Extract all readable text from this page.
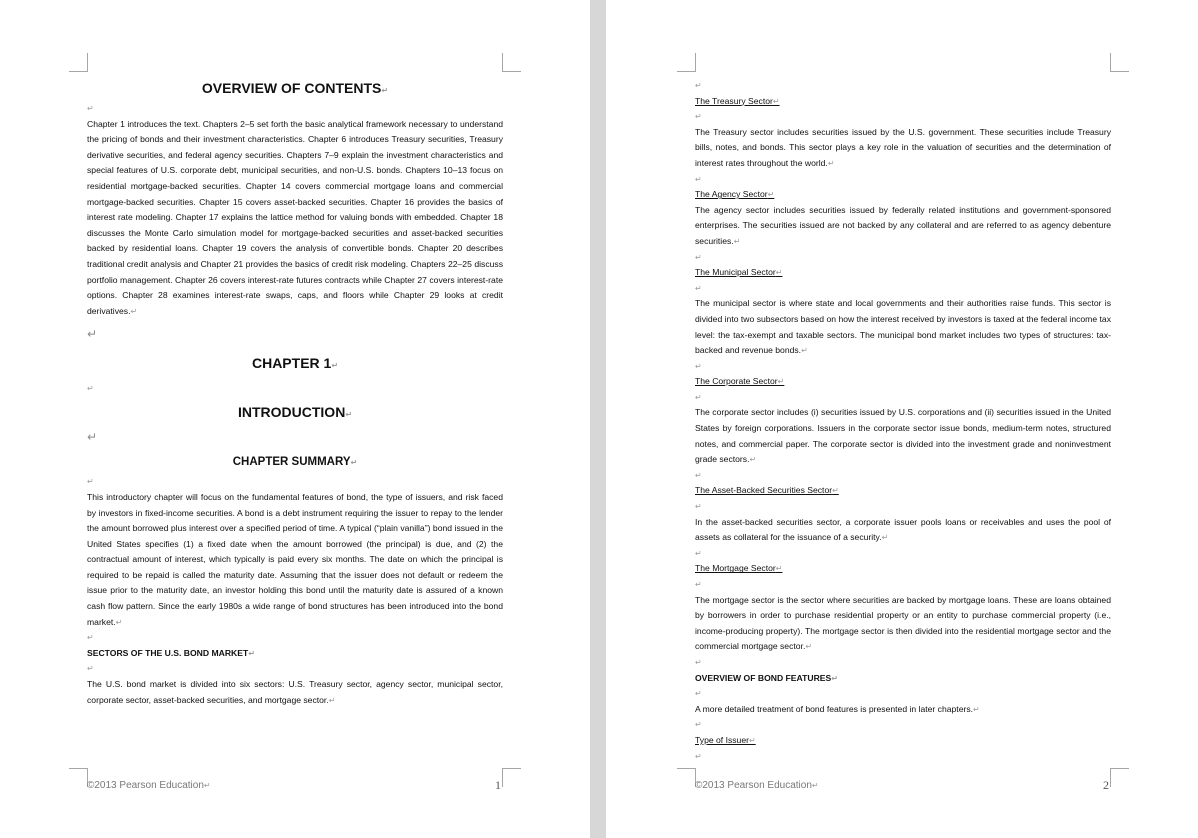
OVERVIEW OF CONTENTS↵

↵

Chapter 1 introduces the text. Chapters 2–5 set forth the basic analytical framework necessary to understand the pricing of bonds and their investment characteristics. Chapter 6 introduces Treasury securities, Treasury derivative securities, and federal agency securities. Chapters 7–9 explain the investment characteristics and special features of U.S. corporate debt, municipal securities, and non-U.S. bonds. Chapters 10–13 focus on residential mortgage-backed securities. Chapter 14 covers commercial mortgage loans and commercial mortgage-backed securities. Chapter 15 covers asset-backed securities. Chapter 16 provides the basics of interest rate modeling. Chapter 17 explains the lattice method for valuing bonds with embedded. Chapter 18 discusses the Monte Carlo simulation model for mortgage-backed securities and asset-backed securities backed by residential loans. Chapter 19 covers the analysis of convertible bonds. Chapter 20 describes traditional credit analysis and Chapter 21 provides the basics of credit risk modeling. Chapters 22–25 discuss portfolio management. Chapter 26 covers interest-rate futures contracts while Chapter 27 covers interest-rate options. Chapter 28 examines interest-rate swaps, caps, and floors while Chapter 29 looks at credit derivatives.↵

↵

CHAPTER 1↵

↵

INTRODUCTION↵

↵

CHAPTER SUMMARY↵

↵

This introductory chapter will focus on the fundamental features of bond, the type of issuers, and risk faced by investors in fixed-income securities. A bond is a debt instrument requiring the issuer to repay to the lender the amount borrowed plus interest over a specified period of time. A typical (“plain vanilla”) bond issued in the United States specifies (1) a fixed date when the amount borrowed (the principal) is due, and (2) the contractual amount of interest, which typically is paid every six months. The date on which the principal is required to be repaid is called the maturity date. Assuming that the issuer does not default or redeem the issue prior to the maturity date, an investor holding this bond until the maturity date is assured of a known cash flow pattern. Since the early 1980s a wide range of bond structures has been introduced into the bond market.↵

↵

SECTORS OF THE U.S. BOND MARKET↵

↵

The U.S. bond market is divided into six sectors: U.S. Treasury sector, agency sector, municipal sector, corporate sector, asset-backed securities, and mortgage sector.↵

©2013 Pearson Education↵	1
↵

The Treasury Sector↵

↵

The Treasury sector includes securities issued by the U.S. government. These securities include Treasury bills, notes, and bonds. This sector plays a key role in the valuation of securities and the determination of interest rates throughout the world.↵

↵

The Agency Sector↵

The agency sector includes securities issued by federally related institutions and government-sponsored enterprises. The securities issued are not backed by any collateral and are referred to as agency debenture securities.↵

↵

The Municipal Sector↵

↵

The municipal sector is where state and local governments and their authorities raise funds. This sector is divided into two subsectors based on how the interest received by investors is taxed at the federal income tax level: the tax-exempt and taxable sectors. The municipal bond market includes two types of structures: tax-backed and revenue bonds.↵

↵

The Corporate Sector↵

↵

The corporate sector includes (i) securities issued by U.S. corporations and (ii) securities issued in the United States by foreign corporations. Issuers in the corporate sector issue bonds, medium-term notes, structured notes, and commercial paper. The corporate sector is divided into the investment grade and noninvestment grade sectors.↵

↵

The Asset-Backed Securities Sector↵

↵

In the asset-backed securities sector, a corporate issuer pools loans or receivables and uses the pool of assets as collateral for the issuance of a security.↵

↵

The Mortgage Sector↵

↵

The mortgage sector is the sector where securities are backed by mortgage loans. These are loans obtained by borrowers in order to purchase residential property or an entity to purchase commercial property (i.e., income-producing property). The mortgage sector is then divided into the residential mortgage sector and the commercial mortgage sector.↵

↵

OVERVIEW OF BOND FEATURES↵

↵

A more detailed treatment of bond features is presented in later chapters.↵

↵

Type of Issuer↵

↵
©2013 Pearson Education↵	2
